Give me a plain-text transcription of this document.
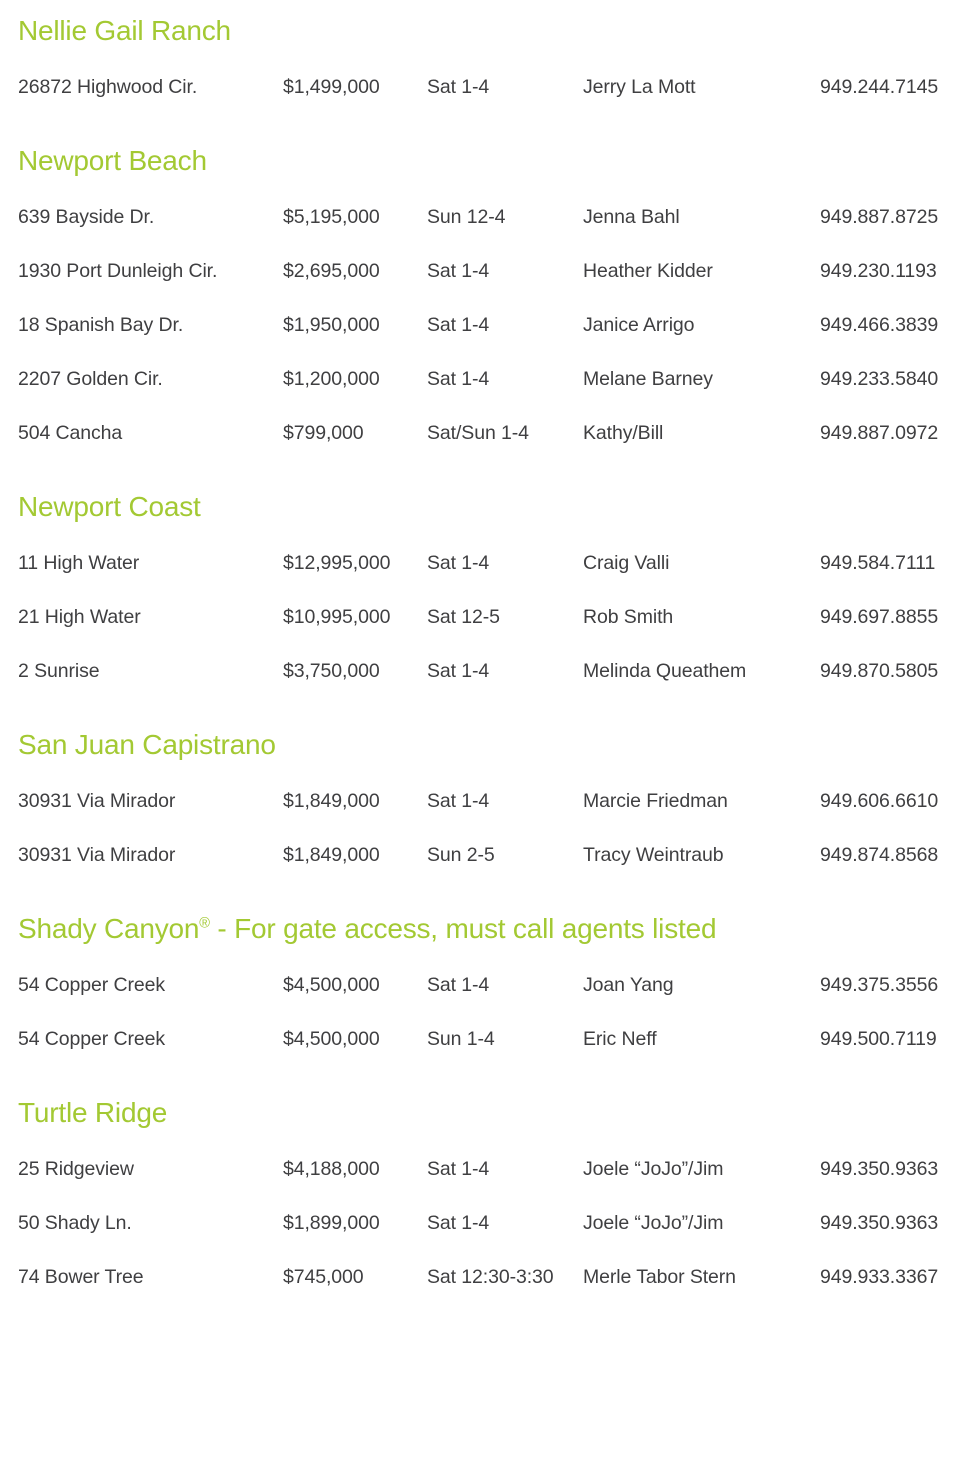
Nellie Gail Ranch
26872 Highwood Cir.	$1,499,000	Sat 1-4	Jerry La Mott	949.244.7145
Newport Beach
639 Bayside Dr.	$5,195,000	Sun 12-4	Jenna Bahl	949.887.8725
1930 Port Dunleigh Cir.	$2,695,000	Sat 1-4	Heather Kidder	949.230.1193
18 Spanish Bay Dr.	$1,950,000	Sat 1-4	Janice Arrigo	949.466.3839
2207 Golden Cir.	$1,200,000	Sat 1-4	Melane Barney	949.233.5840
504 Cancha	$799,000	Sat/Sun 1-4	Kathy/Bill	949.887.0972
Newport Coast
11 High Water	$12,995,000	Sat 1-4	Craig Valli	949.584.7111
21 High Water	$10,995,000	Sat 12-5	Rob Smith	949.697.8855
2 Sunrise	$3,750,000	Sat 1-4	Melinda Queathem	949.870.5805
San Juan Capistrano
30931 Via Mirador	$1,849,000	Sat 1-4	Marcie Friedman	949.606.6610
30931 Via Mirador	$1,849,000	Sun 2-5	Tracy Weintraub	949.874.8568
Shady Canyon® - For gate access, must call agents listed
54 Copper Creek	$4,500,000	Sat 1-4	Joan Yang	949.375.3556
54 Copper Creek	$4,500,000	Sun 1-4	Eric Neff	949.500.7119
Turtle Ridge
25 Ridgeview	$4,188,000	Sat 1-4	Joele “JoJo”/Jim	949.350.9363
50 Shady Ln.	$1,899,000	Sat 1-4	Joele “JoJo”/Jim	949.350.9363
74 Bower Tree	$745,000	Sat 12:30-3:30	Merle Tabor Stern	949.933.3367
